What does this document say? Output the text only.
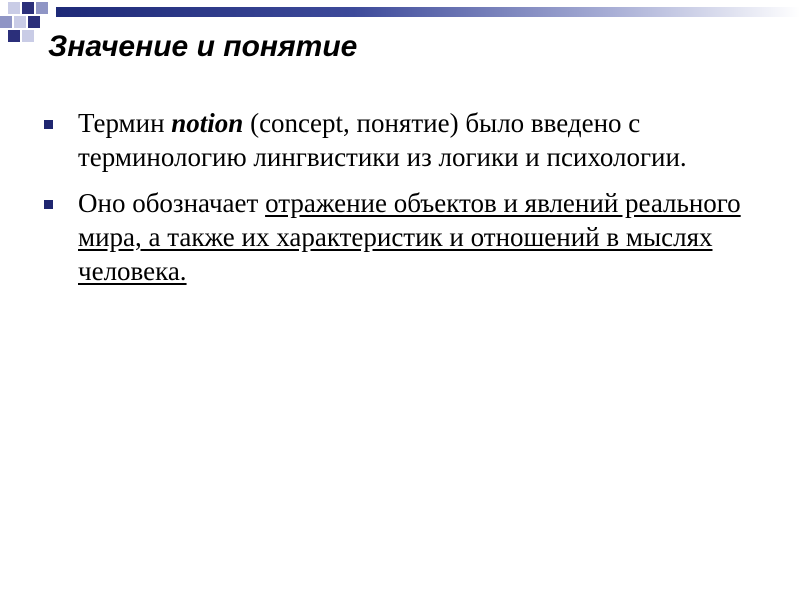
Значение и понятие
Термин notion (concept, понятие) было введено с терминологию лингвистики из логики и психологии.
Оно обозначает отражение объектов и явлений реального мира, а также их характеристик и отношений в мыслях человека.
